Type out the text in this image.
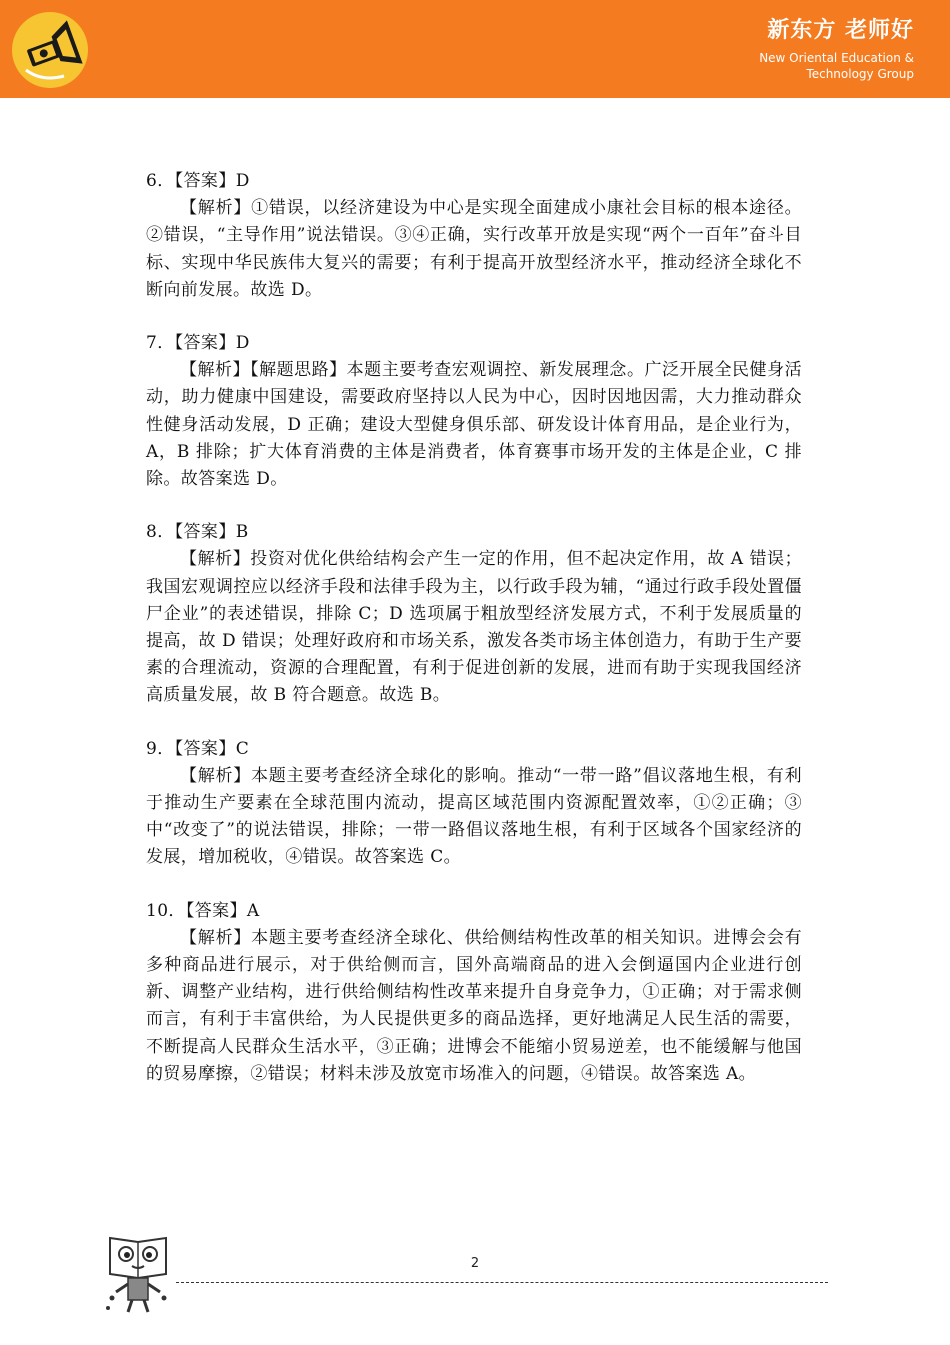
新东方 老师好
New Oriental Education &
Technology Group
6．【答案】D
【解析】①错误，以经济建设为中心是实现全面建成小康社会目标的根本途径。②错误，“主导作用”说法错误。③④正确，实行改革开放是实现“两个一百年”奋斗目标、实现中华民族伟大复兴的需要；有利于提高开放型经济水平，推动经济全球化不断向前发展。故选 D。
7．【答案】D
【解析】【解题思路】本题主要考查宏观调控、新发展理念。广泛开展全民健身活动，助力健康中国建设，需要政府坚持以人民为中心，因时因地因需，大力推动群众性健身活动发展，D 正确；建设大型健身俱乐部、研发设计体育用品，是企业行为，A，B 排除；扩大体育消费的主体是消费者，体育赛事市场开发的主体是企业，C 排除。故答案选 D。
8．【答案】B
【解析】投资对优化供给结构会产生一定的作用，但不起决定作用，故 A 错误；我国宏观调控应以经济手段和法律手段为主，以行政手段为辅，“通过行政手段处置僵尸企业”的表述错误，排除 C；D 选项属于粗放型经济发展方式，不利于发展质量的提高，故 D 错误；处理好政府和市场关系，激发各类市场主体创造力，有助于生产要素的合理流动，资源的合理配置，有利于促进创新的发展，进而有助于实现我国经济高质量发展，故 B 符合题意。故选 B。
9．【答案】C
【解析】本题主要考查经济全球化的影响。推动“一带一路”倡议落地生根，有利于推动生产要素在全球范围内流动，提高区域范围内资源配置效率，①②正确；③中“改变了”的说法错误，排除；一带一路倡议落地生根，有利于区域各个国家经济的发展，增加税收，④错误。故答案选 C。
10．【答案】A
【解析】本题主要考查经济全球化、供给侧结构性改革的相关知识。进博会会有多种商品进行展示，对于供给侧而言，国外高端商品的进入会倒逼国内企业进行创新、调整产业结构，进行供给侧结构性改革来提升自身竞争力，①正确；对于需求侧而言，有利于丰富供给，为人民提供更多的商品选择，更好地满足人民生活的需要，不断提高人民群众生活水平，③正确；进博会不能缩小贸易逆差，也不能缓解与他国的贸易摩擦，②错误；材料未涉及放宽市场准入的问题，④错误。故答案选 A。
2
